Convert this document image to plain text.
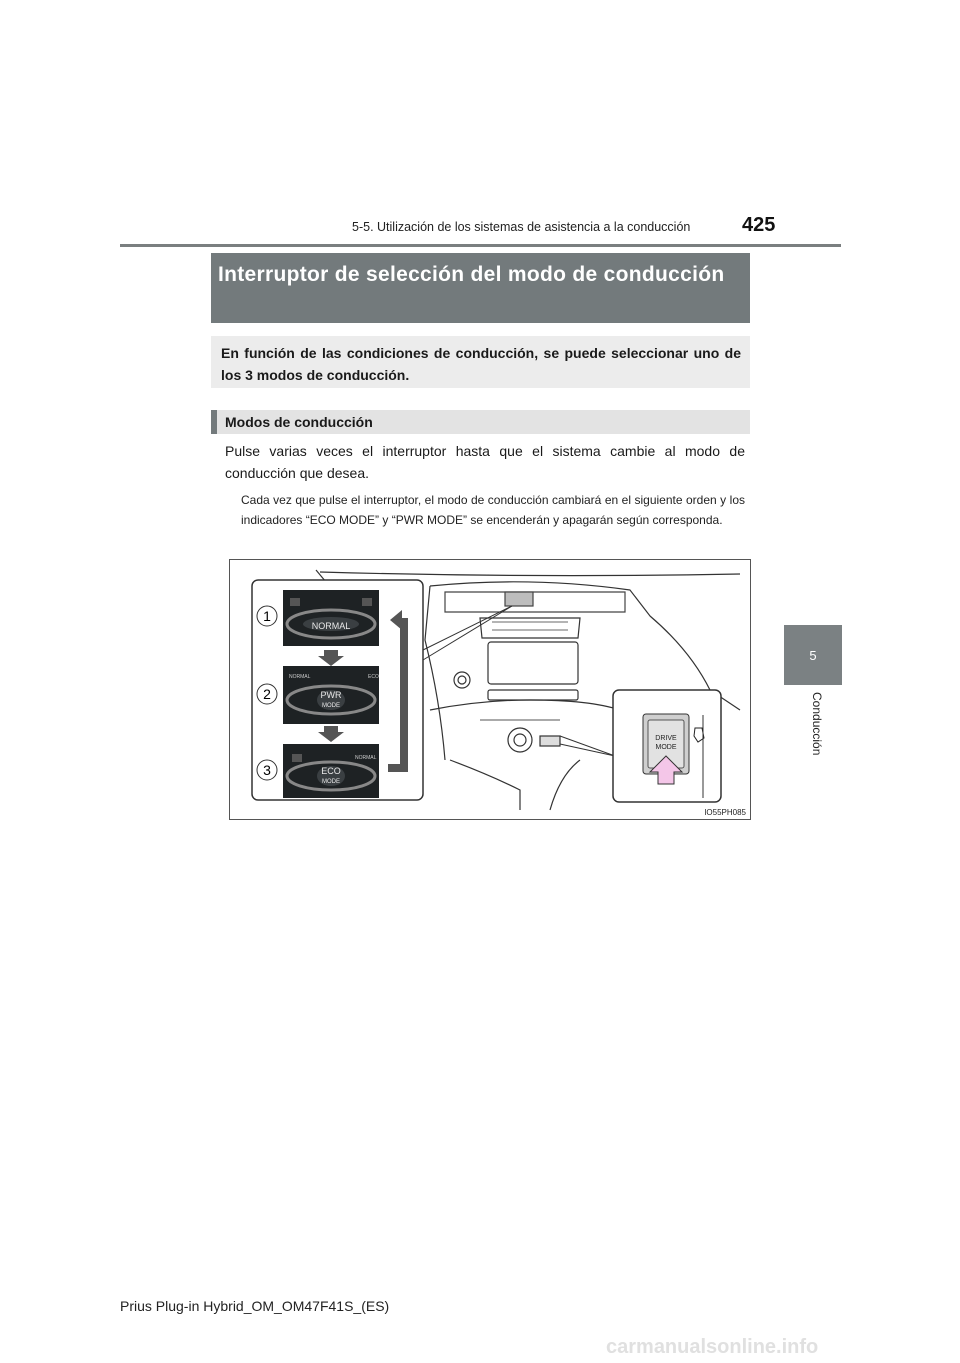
5-5. Utilización de los sistemas de asistencia a la conducción	425
5
Conducción
Interruptor de selección del modo de conducción
En función de las condiciones de conducción, se puede seleccionar uno de los 3 modos de conducción.
Modos de conducción
Pulse varias veces el interruptor hasta que el sistema cambie al modo de conducción que desea.
Cada vez que pulse el interruptor, el modo de conducción cambiará en el siguiente orden y los indicadores “ECO MODE” y “PWR MODE” se encenderán y apagarán según corresponda.
1
2
3
NORMAL
NORMAL	ECO
PWR
MODE
NORMAL
ECO
MODE
DRIVE
MODE
IO55PH085
Prius Plug-in Hybrid_OM_OM47F41S_(ES)
carmanualsonline.info
